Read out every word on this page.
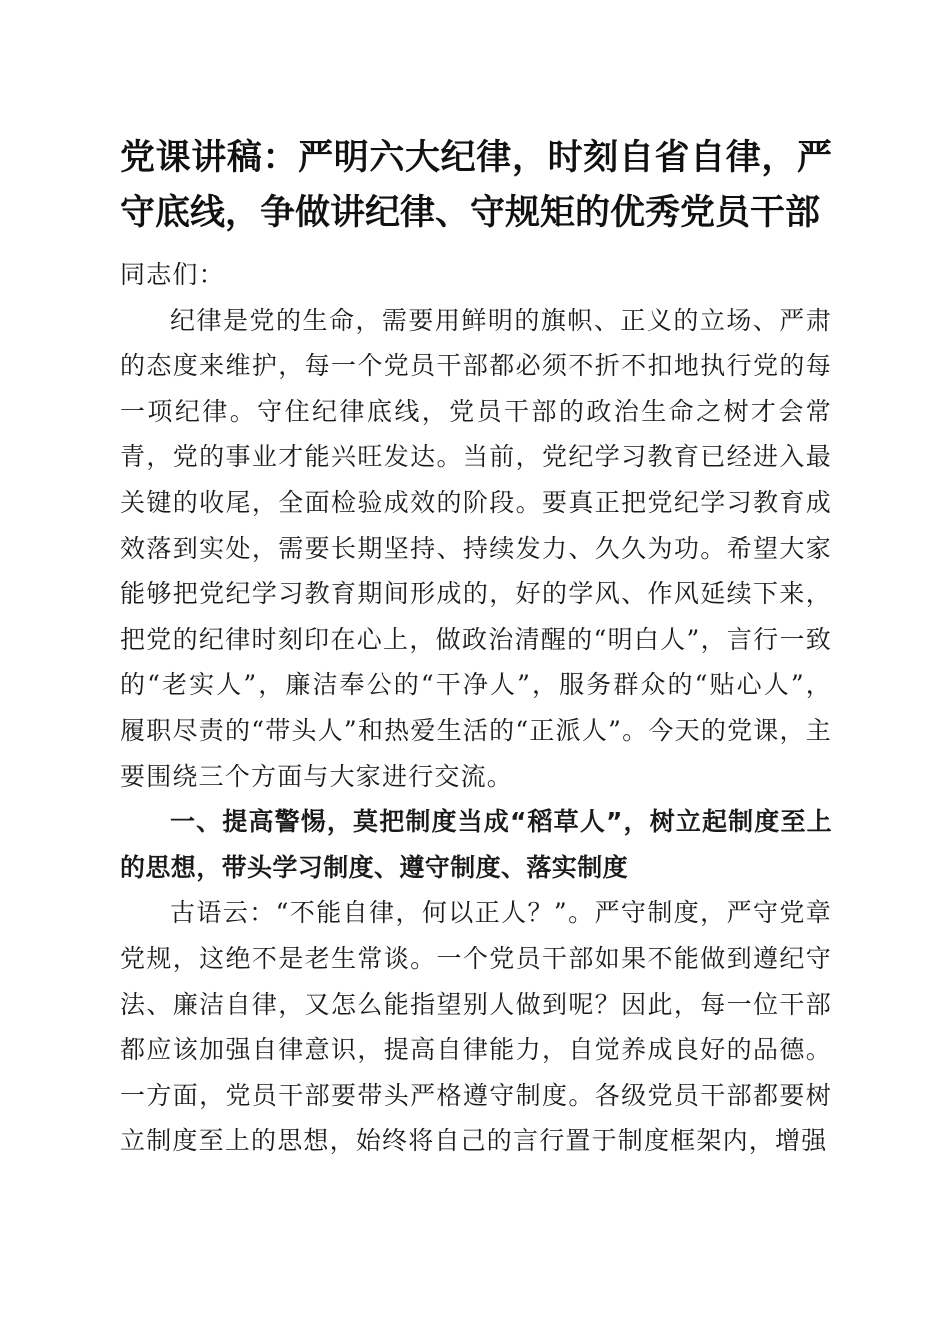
党课讲稿：严明六大纪律，时刻自省自律，严守底线，争做讲纪律、守规矩的优秀党员干部

同志们：

纪律是党的生命，需要用鲜明的旗帜、正义的立场、严肃的态度来维护，每一个党员干部都必须不折不扣地执行党的每一项纪律。守住纪律底线，党员干部的政治生命之树才会常青，党的事业才能兴旺发达。当前，党纪学习教育已经进入最关键的收尾，全面检验成效的阶段。要真正把党纪学习教育成效落到实处，需要长期坚持、持续发力、久久为功。希望大家能够把党纪学习教育期间形成的，好的学风、作风延续下来，把党的纪律时刻印在心上，做政治清醒的“明白人”，言行一致的“老实人”，廉洁奉公的“干净人”，服务群众的“贴心人”，履职尽责的“带头人”和热爱生活的“正派人”。今天的党课，主要围绕三个方面与大家进行交流。

一、提高警惕，莫把制度当成“稻草人”，树立起制度至上的思想，带头学习制度、遵守制度、落实制度

古语云：“不能自律，何以正人？”。严守制度，严守党章党规，这绝不是老生常谈。一个党员干部如果不能做到遵纪守法、廉洁自律，又怎么能指望别人做到呢？因此，每一位干部都应该加强自律意识，提高自律能力，自觉养成良好的品德。一方面，党员干部要带头严格遵守制度。各级党员干部都要树立制度至上的思想，始终将自己的言行置于制度框架内，增强
